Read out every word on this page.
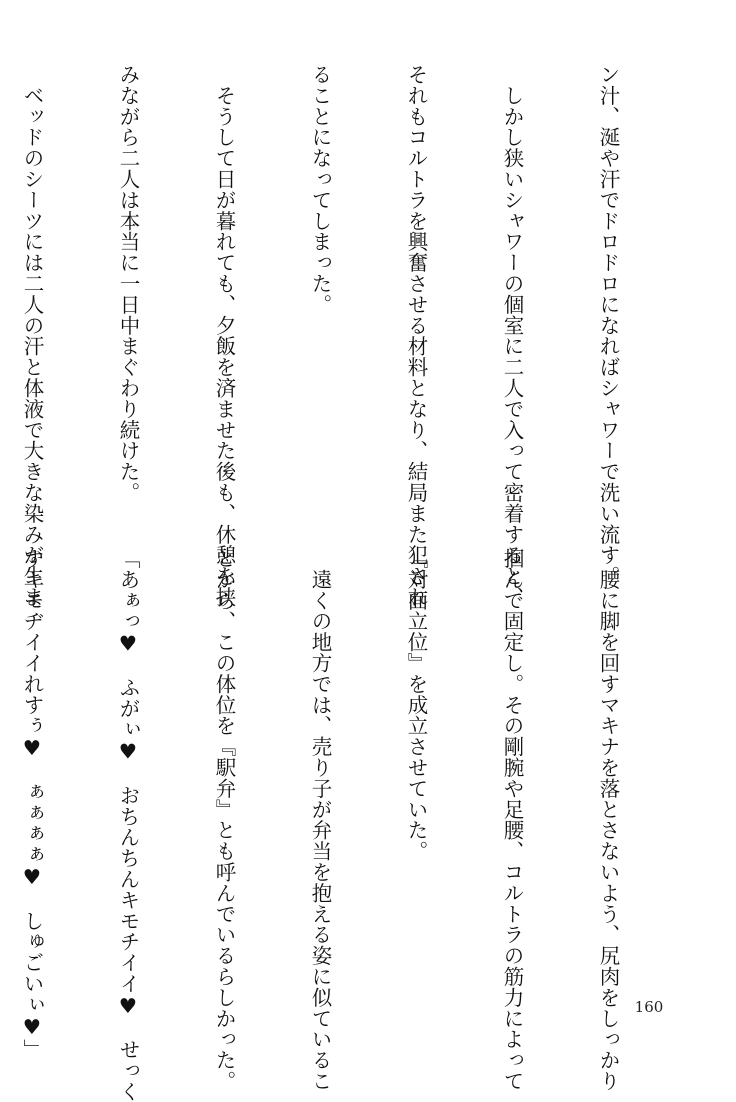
ン汁、涎や汗でドロドロになればシャワーで洗い流す。

　しかし狭いシャワーの個室に二人で入って密着すると、

それもコルトラを興奮させる材料となり、結局また犯され

ることになってしまった。

　そうして日が暮れても、夕飯を済ませた後も、休憩を挟

みながら二人は本当に一日中まぐわり続けた。

　ベッドのシーツには二人の汗と体液で大きな染みが生ま

　腰に脚を回すマキナを落とさないよう、尻肉をしっかり

掴んで固定し。その剛腕や足腰、コルトラの筋力によって

『対面立位』を成立させていた。

　遠くの地方では、売り子が弁当を抱える姿に似ているこ

とから、この体位を『駅弁』とも呼んでいるらしかった。

「あぁっ♥　ふがぃ♥　おちんちんキモチイイ♥　せっく

すキモヂイイれすぅ♥　ぁぁぁぁ♥　しゅごいぃ♥」

	160
